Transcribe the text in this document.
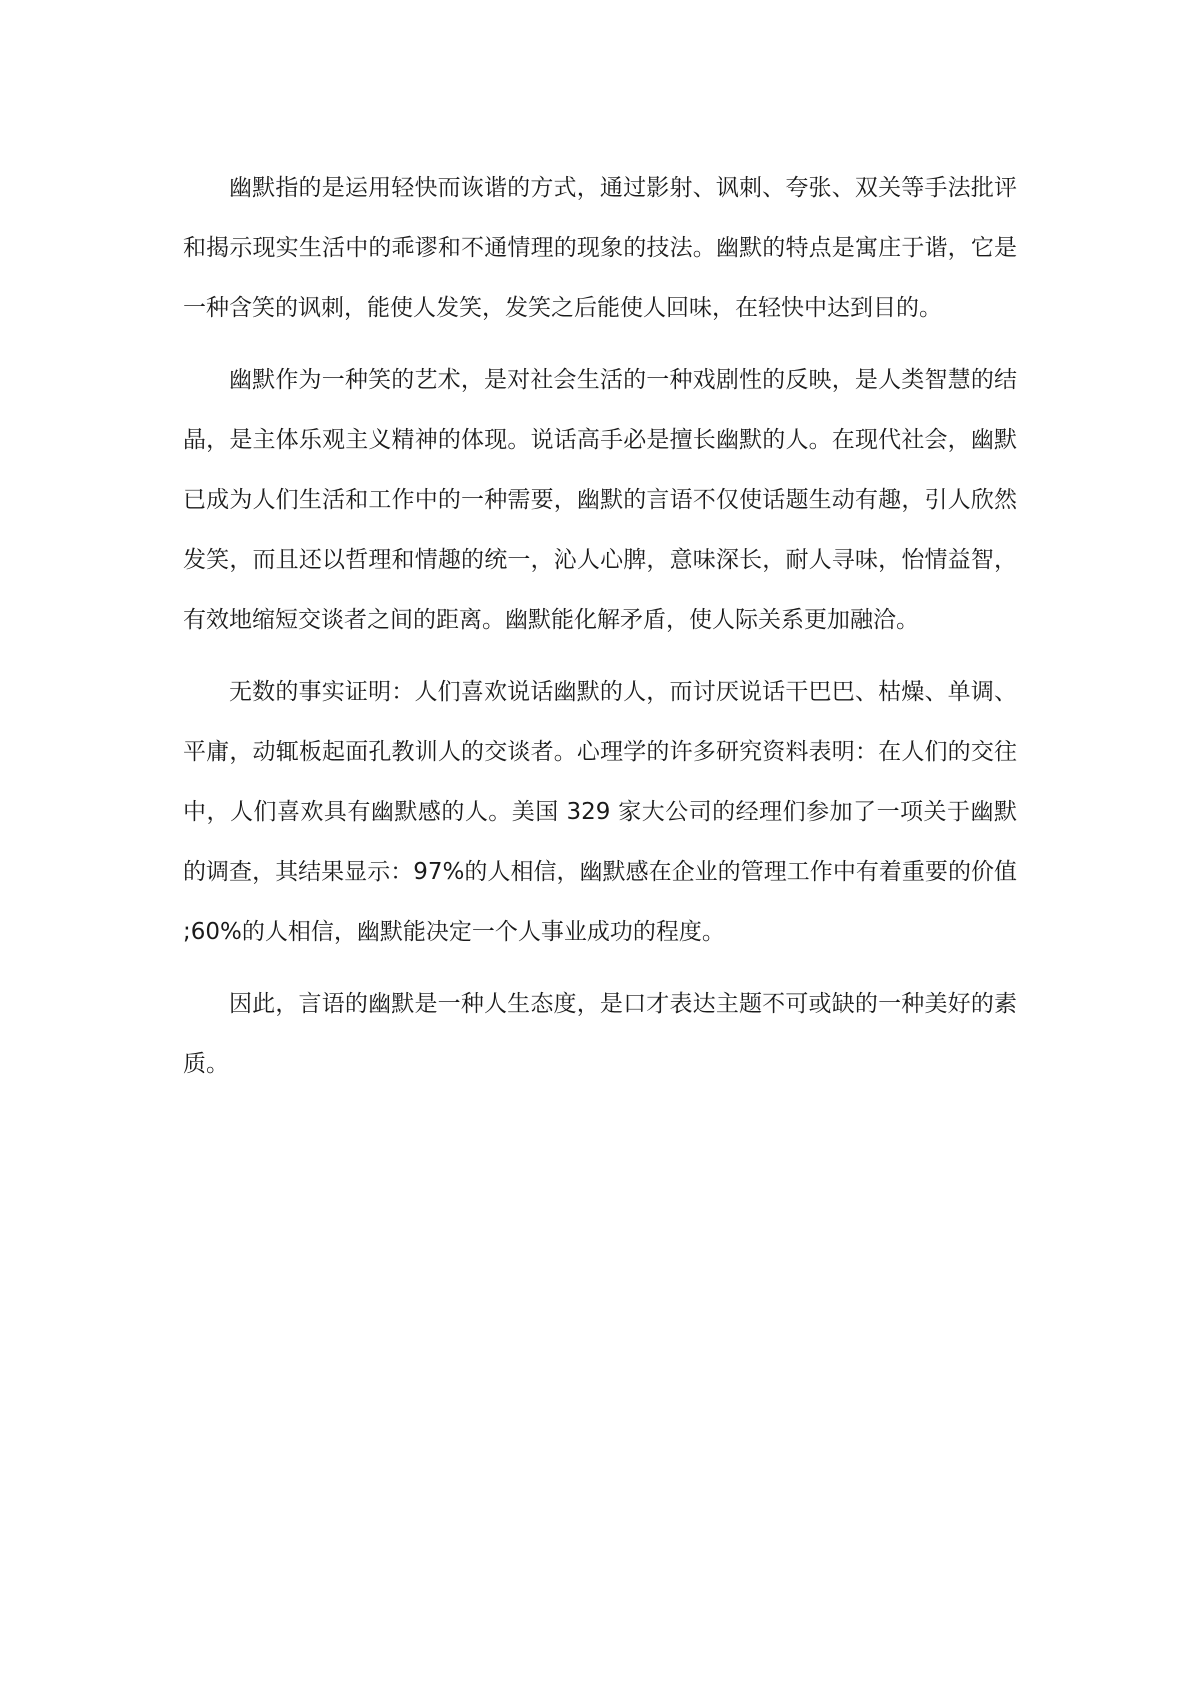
幽默指的是运用轻快而诙谐的方式，通过影射、讽刺、夸张、双关等手法批评和揭示现实生活中的乖谬和不通情理的现象的技法。幽默的特点是寓庄于谐，它是一种含笑的讽刺，能使人发笑，发笑之后能使人回味，在轻快中达到目的。

幽默作为一种笑的艺术，是对社会生活的一种戏剧性的反映，是人类智慧的结晶，是主体乐观主义精神的体现。说话高手必是擅长幽默的人。在现代社会，幽默已成为人们生活和工作中的一种需要，幽默的言语不仅使话题生动有趣，引人欣然发笑，而且还以哲理和情趣的统一，沁人心脾，意味深长，耐人寻味，怡情益智，有效地缩短交谈者之间的距离。幽默能化解矛盾，使人际关系更加融洽。

无数的事实证明：人们喜欢说话幽默的人，而讨厌说话干巴巴、枯燥、单调、平庸，动辄板起面孔教训人的交谈者。心理学的许多研究资料表明：在人们的交往中，人们喜欢具有幽默感的人。美国 329 家大公司的经理们参加了一项关于幽默的调查，其结果显示：97%的人相信，幽默感在企业的管理工作中有着重要的价值;60%的人相信，幽默能决定一个人事业成功的程度。

因此，言语的幽默是一种人生态度，是口才表达主题不可或缺的一种美好的素质。
